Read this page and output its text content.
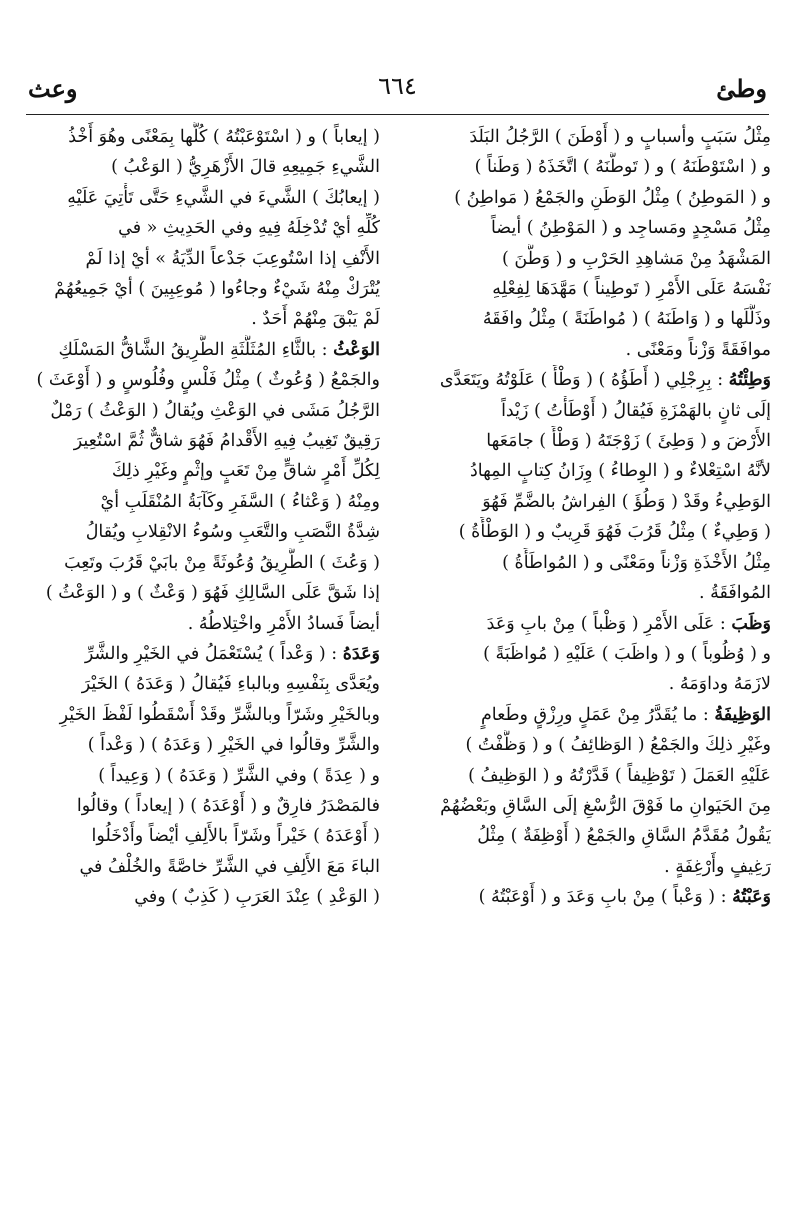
وطئ
٦٦٤
وعث
مِثْلُ سَبَبٍ وأسبابٍ و ( أَوْطَنَ ) الرَّجُلُ البَلَدَ
و ( اسْتَوْطَنَهُ ) و ( تَوطَّنَهُ ) اتَّخَذَهُ ( وَطَناً )
و ( المَوطِنُ ) مِثْلُ الوَطَنِ والجَمْعُ ( مَواطِنُ )
مِثْلُ مَسْجِدٍ ومَساجِد و ( المَوْطِنُ ) أيضاً
المَشْهَدُ مِنْ مَشاهِدِ الحَرْبِ و ( وَطَّنَ )
نَفْسَهُ عَلَى الأَمْرِ ( تَوطِيناً ) مَهَّدَهَا لِفِعْلِهِ
وذَلَّلَها و ( وَاطَنَهُ ) ( مُواطَنَةً ) مِثْلُ وافَقَهُ
موافَقَةً وَزْناً ومَعْنًى .
وَطِئْتُهُ : بِرِجْلِي ( أَطَؤُهُ ) ( وَطْأً ) عَلَوْتُهُ ويَتَعَدَّى
إلَى ثانٍ بالهَمْزَةِ فَيُقالُ ( أَوْطَأْتُ ) زَيْداً
الأَرْضَ و ( وَطِئَ ) زَوْجَتَهُ ( وَطْأً ) جامَعَها
لأنَّهُ اسْتِعْلاءٌ و ( الوِطاءُ ) وِزَانُ كِتابٍ المِهادُ
الوَطِيءُ وقَدْ ( وَطُؤَ ) الفِراشُ بالضَّمِّ فَهُوَ
( وَطِيءٌ ) مِثْلُ قَرُبَ فَهُوَ قَرِيبٌ و ( الوَطْأَةُ )
مِثْلُ الأَخْذَةِ وَزْناً ومَعْنًى و ( المُواطَأَةُ )
المُوافَقَةُ .
وَظَبَ : عَلَى الأَمْرِ ( وَظْباً ) مِنْ بابِ وَعَدَ
و ( وُظُوباً ) و ( واظَبَ ) عَلَيْهِ ( مُواظَبَةً )
لازَمَهُ وداوَمَهُ .
الوَظِيفَةُ : ما يُقَدَّرُ مِنْ عَمَلٍ ورِزْقٍ وطَعامٍ
وغَيْرِ ذلِكَ والجَمْعُ ( الوَظائِفُ ) و ( وَظَّفْتُ )
عَلَيْهِ العَمَلَ ( تَوْظِيفاً ) قَدَّرْتُهُ و ( الوَظِيفُ )
مِنَ الحَيَوانِ ما فَوْقَ الرُّسْغِ إلَى السَّاقِ وبَعْضُهُمْ
يَقُولُ مُقَدَّمُ السَّاقِ والجَمْعُ ( أَوْظِفَةٌ ) مِثْلُ
رَغِيفٍ وأَرْغِفَةٍ .
وَعَبْتُهُ : ( وَعْباً ) مِنْ بابِ وَعَدَ و ( أَوْعَبْتُهُ )
( إيعاباً ) و ( اسْتَوْعَبْتُهُ ) كُلُّها بِمَعْنًى وهُوَ أَخْذُ
الشَّيءِ جَمِيعِهِ قالَ الأَزْهَرِيُّ ( الوَعْبُ )
( إيعابُكَ ) الشَّيءَ في الشَّيءِ حَتَّى تَأْتِيَ عَلَيْهِ
كُلِّهِ أيْ تُدْخِلَهُ فِيهِ وفي الحَدِيثِ « في
الأَنْفِ إذا اسْتُوعِبَ جَدْعاً الدِّيَةُ » أيْ إذا لَمْ
يُتْرَكْ مِنْهُ شَيْءٌ وجاءُوا ( مُوعِبِينَ ) أيْ جَمِيعُهُمْ
لَمْ يَبْقَ مِنْهُمْ أَحَدٌ .
الوَعْثُ : بالثَّاءِ المُثَلَّثَةِ الطَّرِيقُ الشَّاقُّ المَسْلَكِ
والجَمْعُ ( وُعُوثٌ ) مِثْلُ فَلْسٍ وفُلُوسٍ و ( أَوْعَثَ )
الرَّجُلُ مَشَى في الوَعْثِ ويُقالُ ( الوَعْثُ ) رَمْلٌ
رَقِيقٌ تَغِيبُ فِيهِ الأَقْدامُ فَهُوَ شاقٌّ ثُمَّ اسْتُعِيرَ
لِكُلِّ أَمْرٍ شاقٍّ مِنْ تَعَبٍ وإثْمٍ وغَيْرِ ذلِكَ
ومِنْهُ ( وَعْثاءُ ) السَّفَرِ وكَآبَةُ المُنْقَلَبِ أيْ
شِدَّةُ النَّصَبِ والتَّعَبِ وسُوءُ الانْقِلابِ ويُقالُ
( وَعُثَ ) الطَّرِيقُ وُعُوثَةً مِنْ بابَيْ قَرُبَ وتَعِبَ
إذا شَقَّ عَلَى السَّالِكِ فَهُوَ ( وَعْثٌ ) و ( الوَعْثُ )
أيضاً فَسادُ الأَمْرِ واخْتِلاطُهُ .
وَعَدَهُ : ( وَعْداً ) يُسْتَعْمَلُ في الخَيْرِ والشَّرِّ
ويُعَدَّى بِنَفْسِهِ وبالباءِ فَيُقالُ ( وَعَدَهُ ) الخَيْرَ
وبالخَيْرِ وشَرّاً وبالشَّرِّ وقَدْ أَسْقَطُوا لَفْظَ الخَيْرِ
والشَّرِّ وقالُوا في الخَيْرِ ( وَعَدَهُ ) ( وَعْداً )
و ( عِدَةً ) وفي الشَّرِّ ( وَعَدَهُ ) ( وَعِيداً )
فالمَصْدَرُ فارِقٌ و ( أَوْعَدَهُ ) ( إيعاداً ) وقالُوا
( أَوْعَدَهُ ) خَيْراً وشَرّاً بالأَلِفِ أيْضاً وأَدْخَلُوا
الباءَ مَعَ الأَلِفِ في الشَّرِّ خاصَّةً والخُلْفُ في
( الوَعْدِ ) عِنْدَ العَرَبِ ( كَذِبٌ ) وفي
